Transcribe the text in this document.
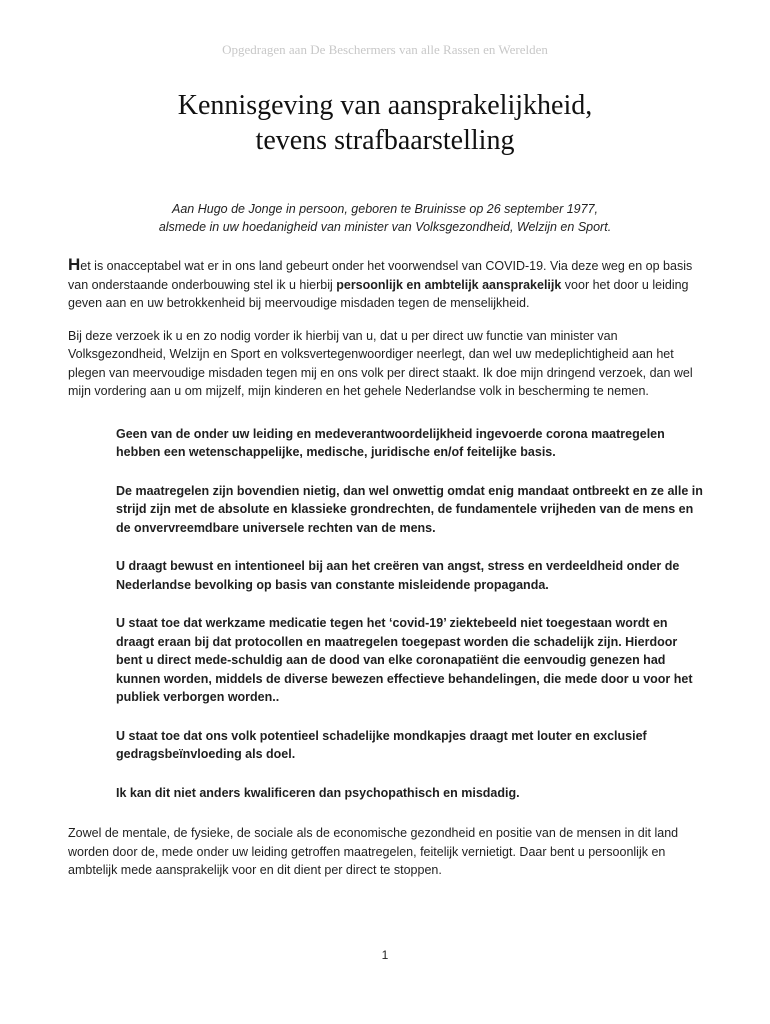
Opgedragen aan De Beschermers van alle Rassen en Werelden
Kennisgeving van aansprakelijkheid,
tevens strafbaarstelling
Aan Hugo de Jonge in persoon, geboren te Bruinisse op 26 september 1977,
alsmede in uw hoedanigheid van minister van Volksgezondheid, Welzijn en Sport.

Het is onacceptabel wat er in ons land gebeurt onder het voorwendsel van COVID-19. Via deze weg en op basis van onderstaande onderbouwing stel ik u hierbij persoonlijk en ambtelijk aansprakelijk voor het door u leiding geven aan en uw betrokkenheid bij meervoudige misdaden tegen de menselijkheid.

Bij deze verzoek ik u en zo nodig vorder ik hierbij van u, dat u per direct uw functie van minister van Volksgezondheid, Welzijn en Sport en volksvertegenwoordiger neerlegt, dan wel uw medeplichtigheid aan het plegen van meervoudige misdaden tegen mij en ons volk per direct staakt. Ik doe mijn dringend verzoek, dan wel mijn vordering aan u om mijzelf, mijn kinderen en het gehele Nederlandse volk in bescherming te nemen.

Geen van de onder uw leiding en medeverantwoordelijkheid ingevoerde corona maatregelen hebben een wetenschappelijke, medische, juridische en/of feitelijke basis.

De maatregelen zijn bovendien nietig, dan wel onwettig omdat enig mandaat ontbreekt en ze alle in strijd zijn met de absolute en klassieke grondrechten, de fundamentele vrijheden van de mens en de onvervreemdbare universele rechten van de mens.

U draagt bewust en intentioneel bij aan het creëren van angst, stress en verdeeldheid onder de Nederlandse bevolking op basis van constante misleidende propaganda.

U staat toe dat werkzame medicatie tegen het ‘covid-19’ ziektebeeld niet toegestaan wordt en draagt eraan bij dat protocollen en maatregelen toegepast worden die schadelijk zijn. Hierdoor bent u direct mede-schuldig aan de dood van elke coronapatiënt die eenvoudig genezen had kunnen worden, middels de diverse bewezen effectieve behandelingen, die mede door u voor het publiek verborgen worden..

U staat toe dat ons volk potentieel schadelijke mondkapjes draagt met louter en exclusief gedragsbeïnvloeding als doel.

Ik kan dit niet anders kwalificeren dan psychopathisch en misdadig.

Zowel de mentale, de fysieke, de sociale als de economische gezondheid en positie van de mensen in dit land worden door de, mede onder uw leiding getroffen maatregelen, feitelijk vernietigt. Daar bent u persoonlijk en ambtelijk mede aansprakelijk voor en dit dient per direct te stoppen.

1
